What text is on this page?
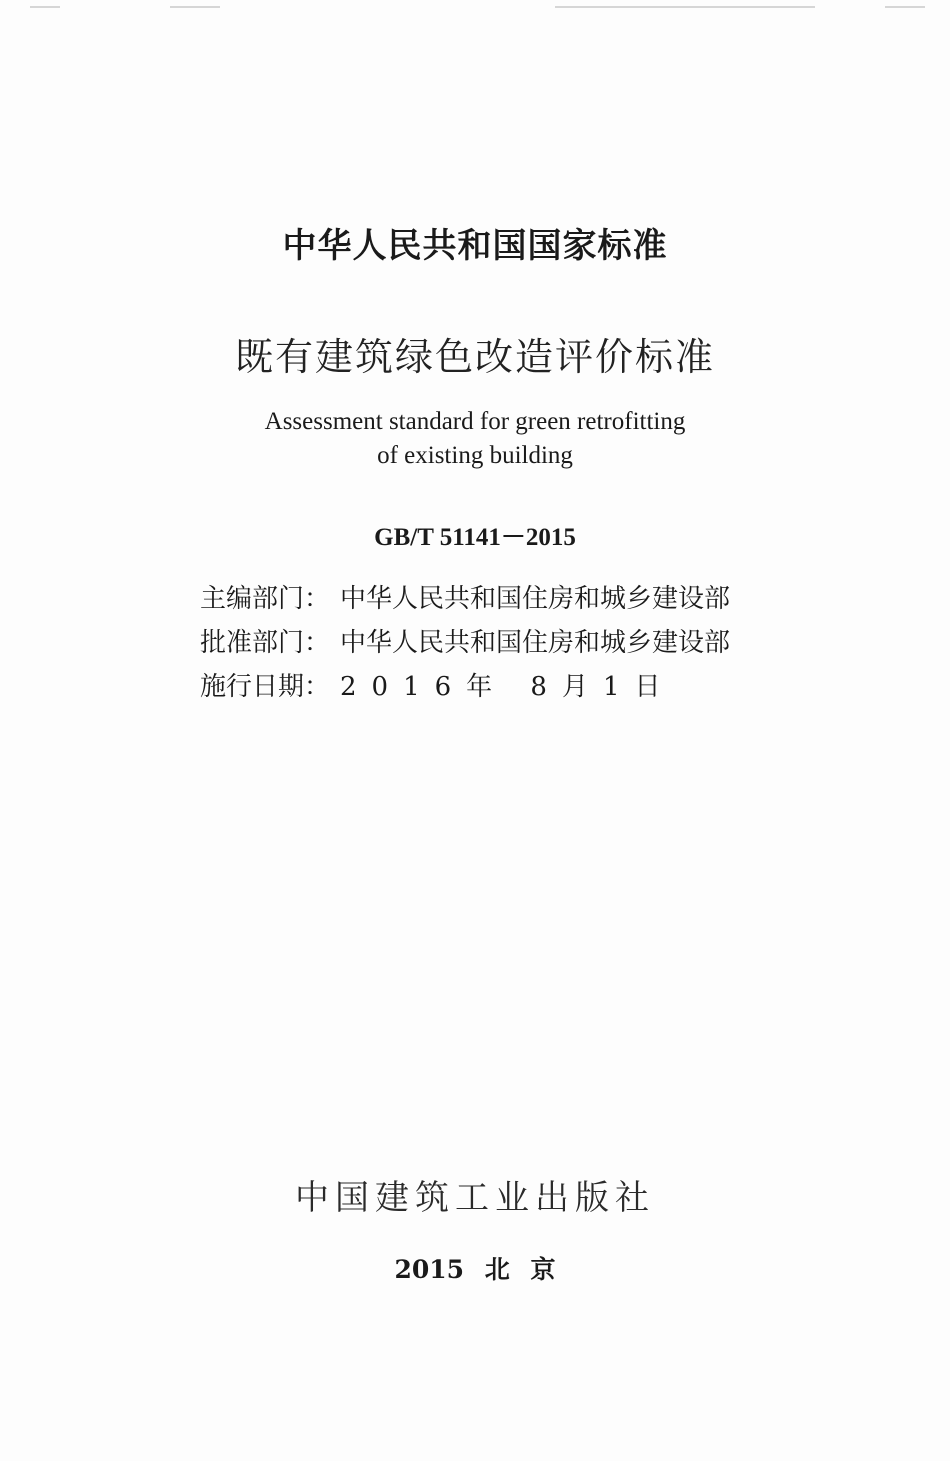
中华人民共和国国家标准
既有建筑绿色改造评价标准
Assessment standard for green retrofitting
of existing building
GB/T 51141－2015
主编部门： 中华人民共和国住房和城乡建设部
批准部门： 中华人民共和国住房和城乡建设部
施行日期： 2016年 8月1日
中国建筑工业出版社
2015 北 京
